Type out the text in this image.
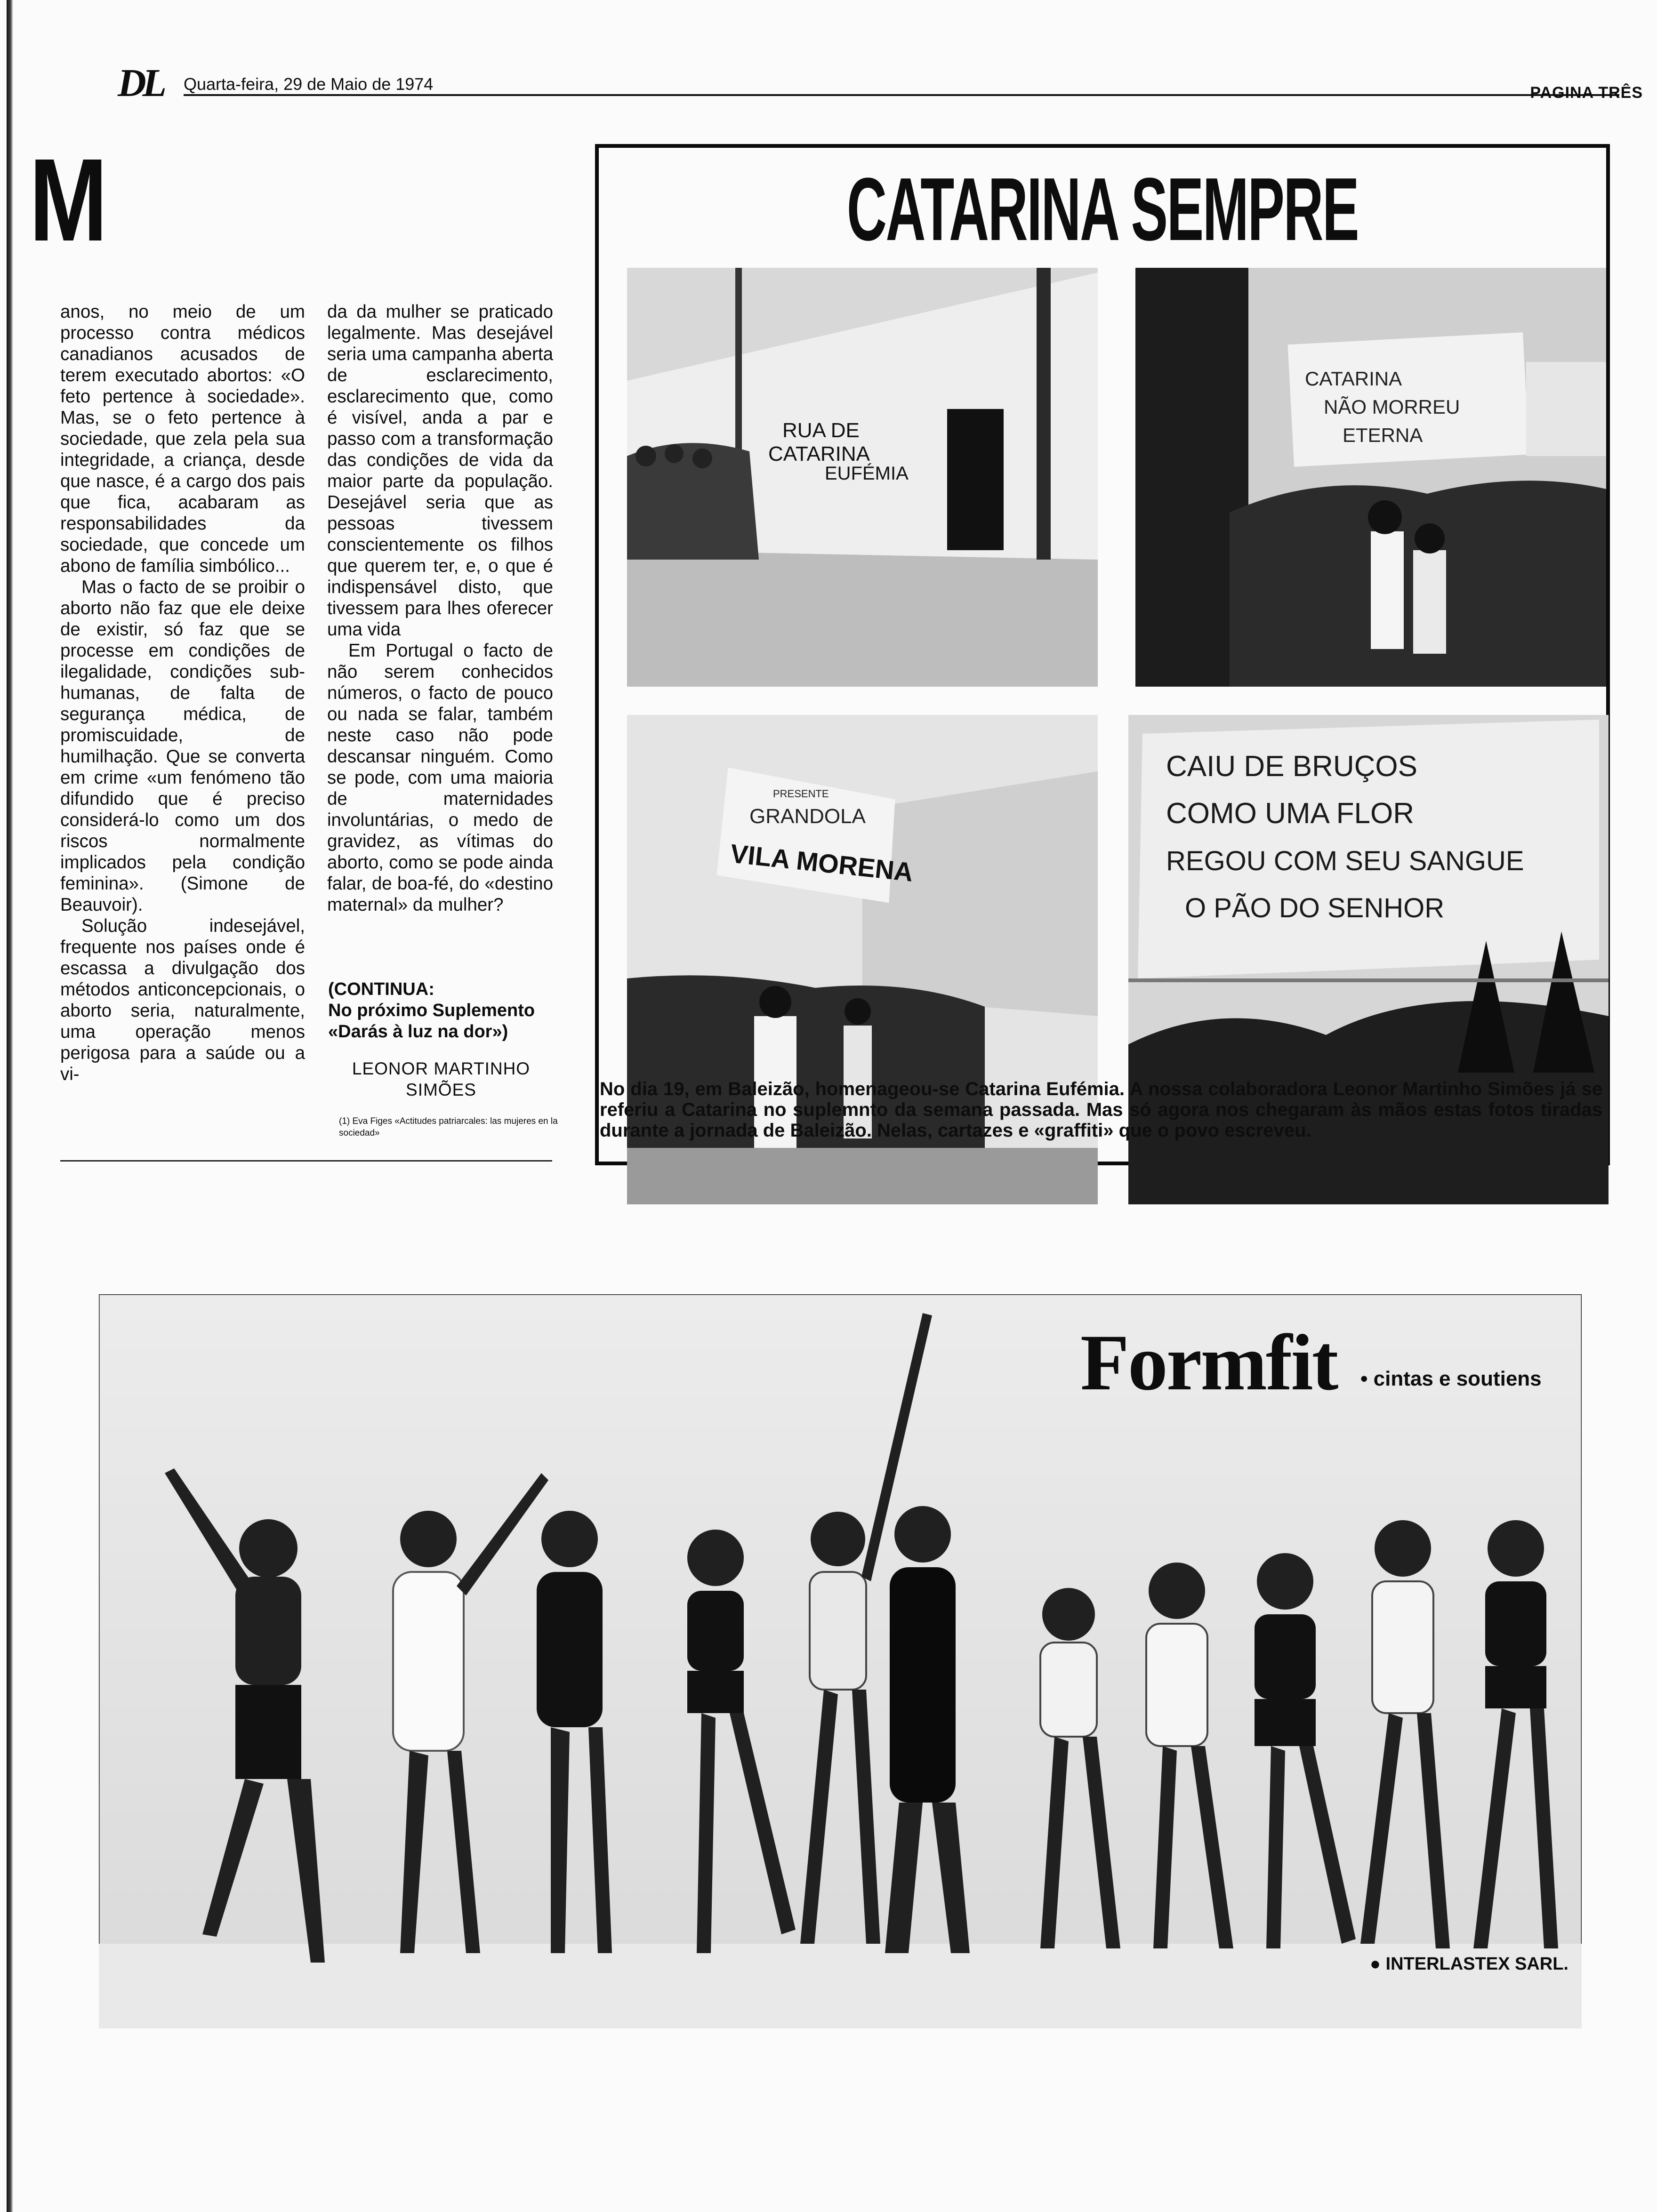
DL Quarta-feira, 29 de Maio de 1974	PAGINA TRÊS
M

anos, no meio de um processo contra médicos canadianos acusados de terem executado abortos: «O feto pertence à sociedade». Mas, se o feto pertence à sociedade, que zela pela sua integridade, a criança, desde que nasce, é a cargo dos pais que fica, acabaram as responsabilidades da sociedade, que concede um abono de família simbólico...

Mas o facto de se proibir o aborto não faz que ele deixe de existir, só faz que se processe em condições de ilegalidade, condições sub-humanas, de falta de segurança médica, de promiscuidade, de humilhação. Que se converta em crime «um fenómeno tão difundido que é preciso considerá-lo como um dos riscos normalmente implicados pela condição feminina». (Simone de Beauvoir).

Solução indesejável, frequente nos países onde é escassa a divulgação dos métodos anticoncepcionais, o aborto seria, naturalmente, uma operação menos perigosa para a saúde ou a vi-

da da mulher se praticado legalmente. Mas desejável seria uma campanha aberta de esclarecimento, esclarecimento que, como é visível, anda a par e passo com a transformação das condições de vida da maior parte da população. Desejável seria que as pessoas tivessem conscientemente os filhos que querem ter, e, o que é indispensável disto, que tivessem para lhes oferecer uma vida

Em Portugal o facto de não serem conhecidos números, o facto de pouco ou nada se falar, também neste caso não pode descansar ninguém. Como se pode, com uma maioria de maternidades involuntárias, o medo de gravidez, as vítimas do aborto, como se pode ainda falar, de boa-fé, do «destino maternal» da mulher?

(CONTINUA:
No próximo Suplemento
«Darás à luz na dor»)
LEONOR MARTINHO SIMÕES
(1) Eva Figes «Actitudes patriarcales: las mujeres en la sociedad»
CATARINA SEMPRE
RUA DE
CATARINA
EUFÉMIA
CATARINA
NÃO MORREU
ETERNA
PRESENTE
GRANDOLA
VILA MORENA
CAIU DE BRUÇOS
COMO UMA FLOR
REGOU COM SEU SANGUE
O PÃO DO SENHOR
No dia 19, em Baleizão, homenageou-se Catarina Eufémia. A nossa colaboradora Leonor Martinho Simões já se referiu a Catarina no suplemnto da semana passada. Mas só agora nos chegaram às mãos estas fotos tiradas durante a jornada de Baleizão. Nelas, cartazes e «graffiti» que o povo escreveu.
Formfit • cintas e soutiens
● INTERLASTEX SARL.
